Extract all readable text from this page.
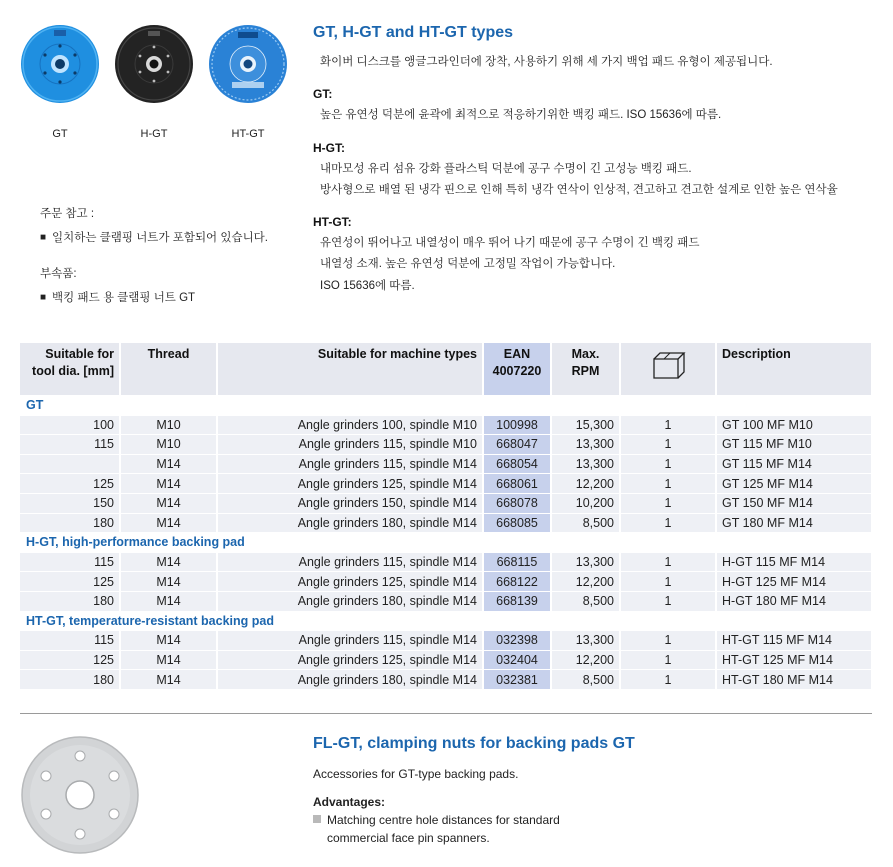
GT	H-GT	HT-GT
주문 참고 :
■ 일치하는 클램핑 너트가 포함되어 있습니다.
부속품:
■ 백킹 패드 용 클램핑 너트 GT
GT, H-GT and HT-GT types

화이버 디스크를 앵글그라인더에 장착, 사용하기 위해 세 가지 백업 패드 유형이 제공됩니다.

GT:

높은 유연성 덕분에 윤곽에 최적으로 적응하기위한 백킹 패드. ISO 15636에 따름.

H-GT:

내마모성 유리 섬유 강화 플라스틱 덕분에 공구 수명이 긴 고성능 백킹 패드.

방사형으로 배열 된 냉각 핀으로 인해 특히 냉각 연삭이 인상적, 견고하고 견고한 설계로 인한 높은 연삭율

HT-GT:

유연성이 뛰어나고 내열성이 매우 뛰어 나기 때문에 공구 수명이 긴 백킹 패드

내열성 소재. 높은 유연성 덕분에 고정밀 작업이 가능합니다.

ISO 15636에 따름.

Suitable for tool dia. [mm]	Thread	Suitable for machine types	EAN 4007220	Max. RPM		Description
GT						
100	M10	Angle grinders 100, spindle M10	100998	15,300	1	GT 100 MF M10
115	M10	Angle grinders 115, spindle M10	668047	13,300	1	GT 115 MF M10
	M14	Angle grinders 115, spindle M14	668054	13,300	1	GT 115 MF M14
125	M14	Angle grinders 125, spindle M14	668061	12,200	1	GT 125 MF M14
150	M14	Angle grinders 150, spindle M14	668078	10,200	1	GT 150 MF M14
180	M14	Angle grinders 180, spindle M14	668085	8,500	1	GT 180 MF M14
H-GT, high-performance backing pad						
115	M14	Angle grinders 115, spindle M14	668115	13,300	1	H-GT 115 MF M14
125	M14	Angle grinders 125, spindle M14	668122	12,200	1	H-GT 125 MF M14
180	M14	Angle grinders 180, spindle M14	668139	8,500	1	H-GT 180 MF M14
HT-GT, temperature-resistant backing pad						
115	M14	Angle grinders 115, spindle M14	032398	13,300	1	HT-GT 115 MF M14
125	M14	Angle grinders 125, spindle M14	032404	12,200	1	HT-GT 125 MF M14
180	M14	Angle grinders 180, spindle M14	032381	8,500	1	HT-GT 180 MF M14
FL-GT, clamping nuts for backing pads GT

Accessories for GT-type backing pads.

Advantages:

Matching centre hole distances for standard

commercial face pin spanners.
